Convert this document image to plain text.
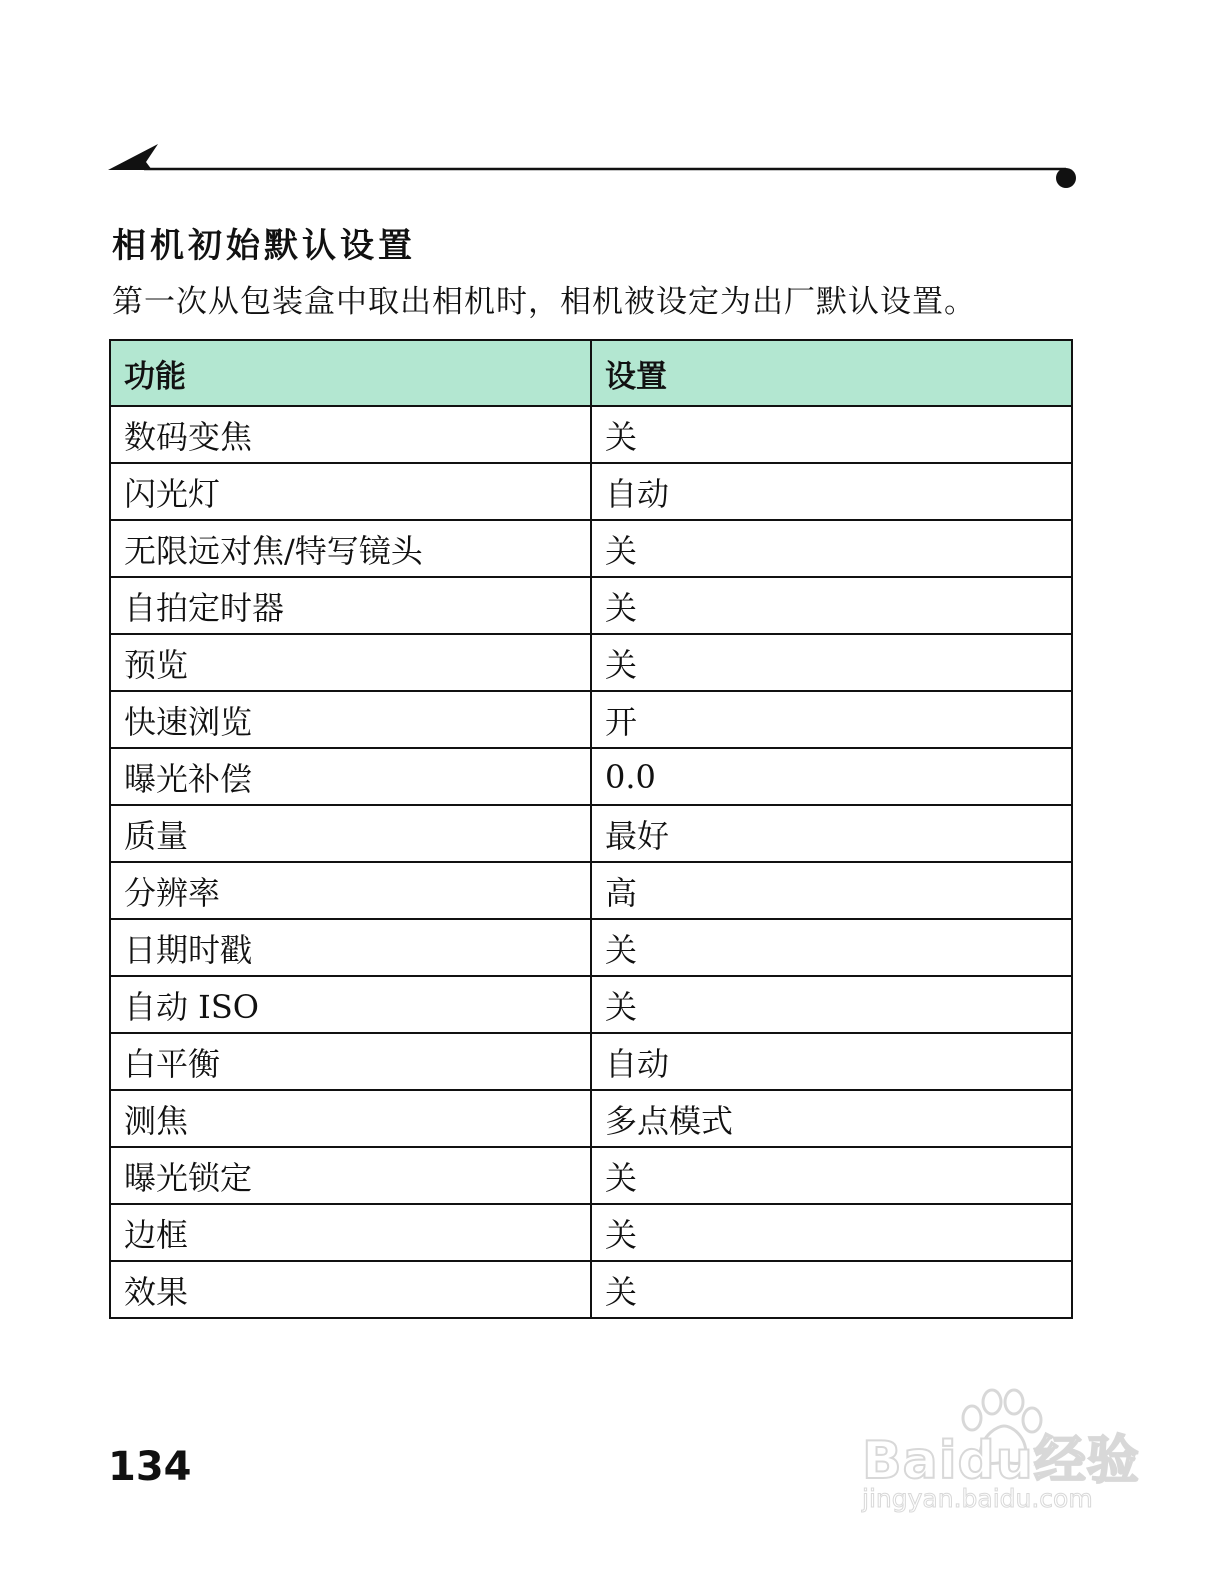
相机初始默认设置

第一次从包装盒中取出相机时，相机被设定为出厂默认设置。

功能	设置
数码变焦	关
闪光灯	自动
无限远对焦/特写镜头	关
自拍定时器	关
预览	关
快速浏览	开
曝光补偿	0.0
质量	最好
分辨率	高
日期时戳	关
自动 ISO	关
白平衡	自动
测焦	多点模式
曝光锁定	关
边框	关
效果	关
134	Baidu经验
jingyan.baidu.com
